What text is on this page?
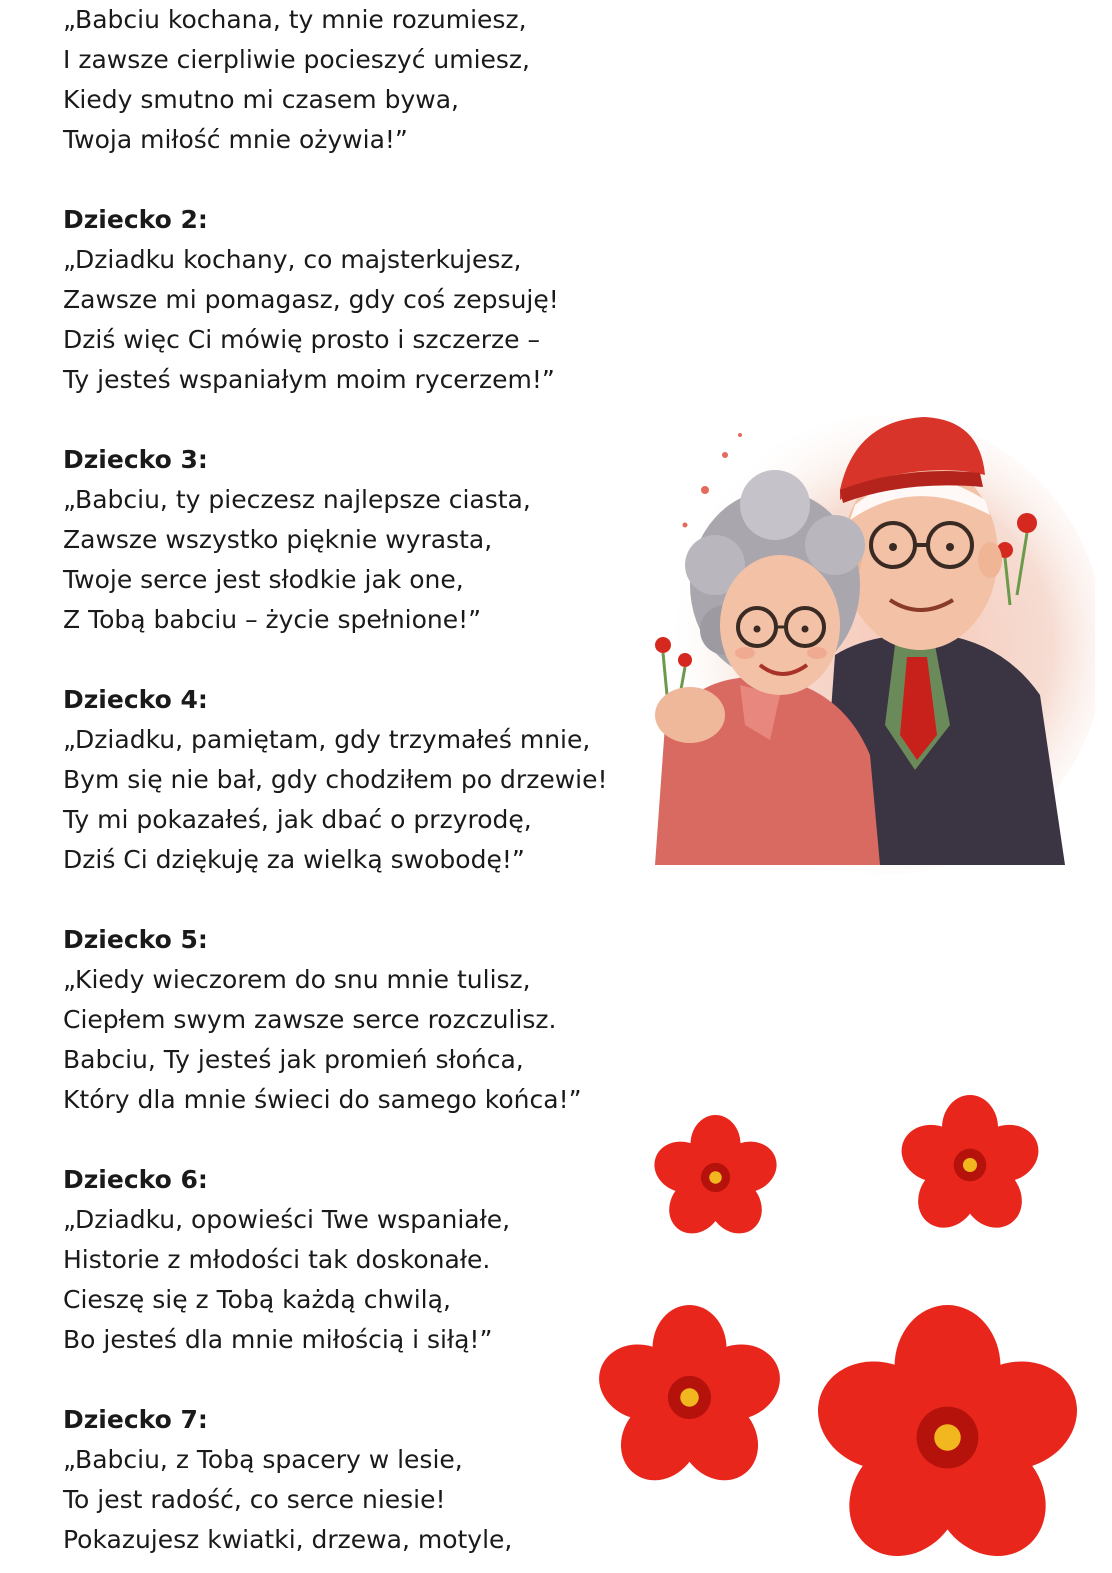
„Babciu kochana, ty mnie rozumiesz,
I zawsze cierpliwie pocieszyć umiesz,
Kiedy smutno mi czasem bywa,
Twoja miłość mnie ożywia!”
Dziecko 2:
„Dziadku kochany, co majsterkujesz,
Zawsze mi pomagasz, gdy coś zepsuję!
Dziś więc Ci mówię prosto i szczerze –
Ty jesteś wspaniałym moim rycerzem!”
Dziecko 3:
„Babciu, ty pieczesz najlepsze ciasta,
Zawsze wszystko pięknie wyrasta,
Twoje serce jest słodkie jak one,
Z Tobą babciu – życie spełnione!”
Dziecko 4:
„Dziadku, pamiętam, gdy trzymałeś mnie,
Bym się nie bał, gdy chodziłem po drzewie!
Ty mi pokazałeś, jak dbać o przyrodę,
Dziś Ci dziękuję za wielką swobodę!”
Dziecko 5:
„Kiedy wieczorem do snu mnie tulisz,
Ciepłem swym zawsze serce rozczulisz.
Babciu, Ty jesteś jak promień słońca,
Który dla mnie świeci do samego końca!”
Dziecko 6:
„Dziadku, opowieści Twe wspaniałe,
Historie z młodości tak doskonałe.
Cieszę się z Tobą każdą chwilą,
Bo jesteś dla mnie miłością i siłą!”
Dziecko 7:
„Babciu, z Tobą spacery w lesie,
To jest radość, co serce niesie!
Pokazujesz kwiatki, drzewa, motyle,
